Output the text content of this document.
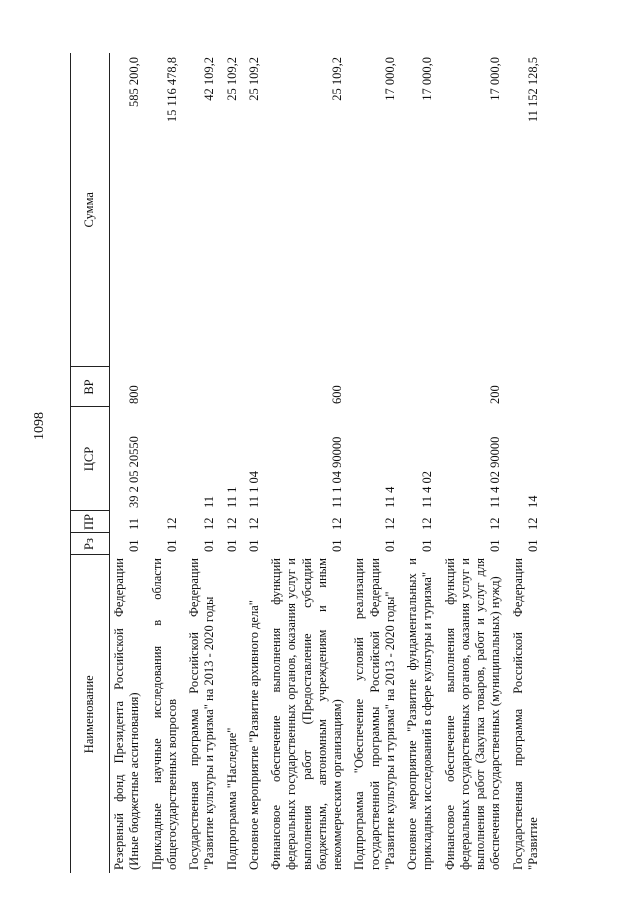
1098
Наименование	Рз	ПР	ЦСР	ВР	Сумма
Резервный фонд Президента Российской Федерации (Иные бюджетные ассигнования)	01	11	39 2 05 20550	800	585 200,0
Прикладные научные исследования в области общегосударственных вопросов	01	12			15 116 478,8
Государственная программа Российской Федерации "Развитие культуры и туризма" на 2013 - 2020 годы	01	12	11		42 109,2
Подпрограмма "Наследие"	01	12	11 1		25 109,2
Основное мероприятие "Развитие архивного дела"	01	12	11 1 04		25 109,2
Финансовое обеспечение выполнения функций федеральных государственных органов, оказания услуг и выполнения работ (Предоставление субсидий бюджетным, автономным учреждениям и иным некоммерческим организациям)	01	12	11 1 04 90000	600	25 109,2
Подпрограмма "Обеспечение условий реализации государственной программы Российской Федерации "Развитие культуры и туризма" на 2013 - 2020 годы"	01	12	11 4		17 000,0
Основное мероприятие "Развитие фундаментальных и прикладных исследований в сфере культуры и туризма"	01	12	11 4 02		17 000,0
Финансовое обеспечение выполнения функций федеральных государственных органов, оказания услуг и выполнения работ (Закупка товаров, работ и услуг для обеспечения государственных (муниципальных) нужд)	01	12	11 4 02 90000	200	17 000,0
Государственная программа Российской Федерации "Развитие	01	12	14		11 152 128,5
